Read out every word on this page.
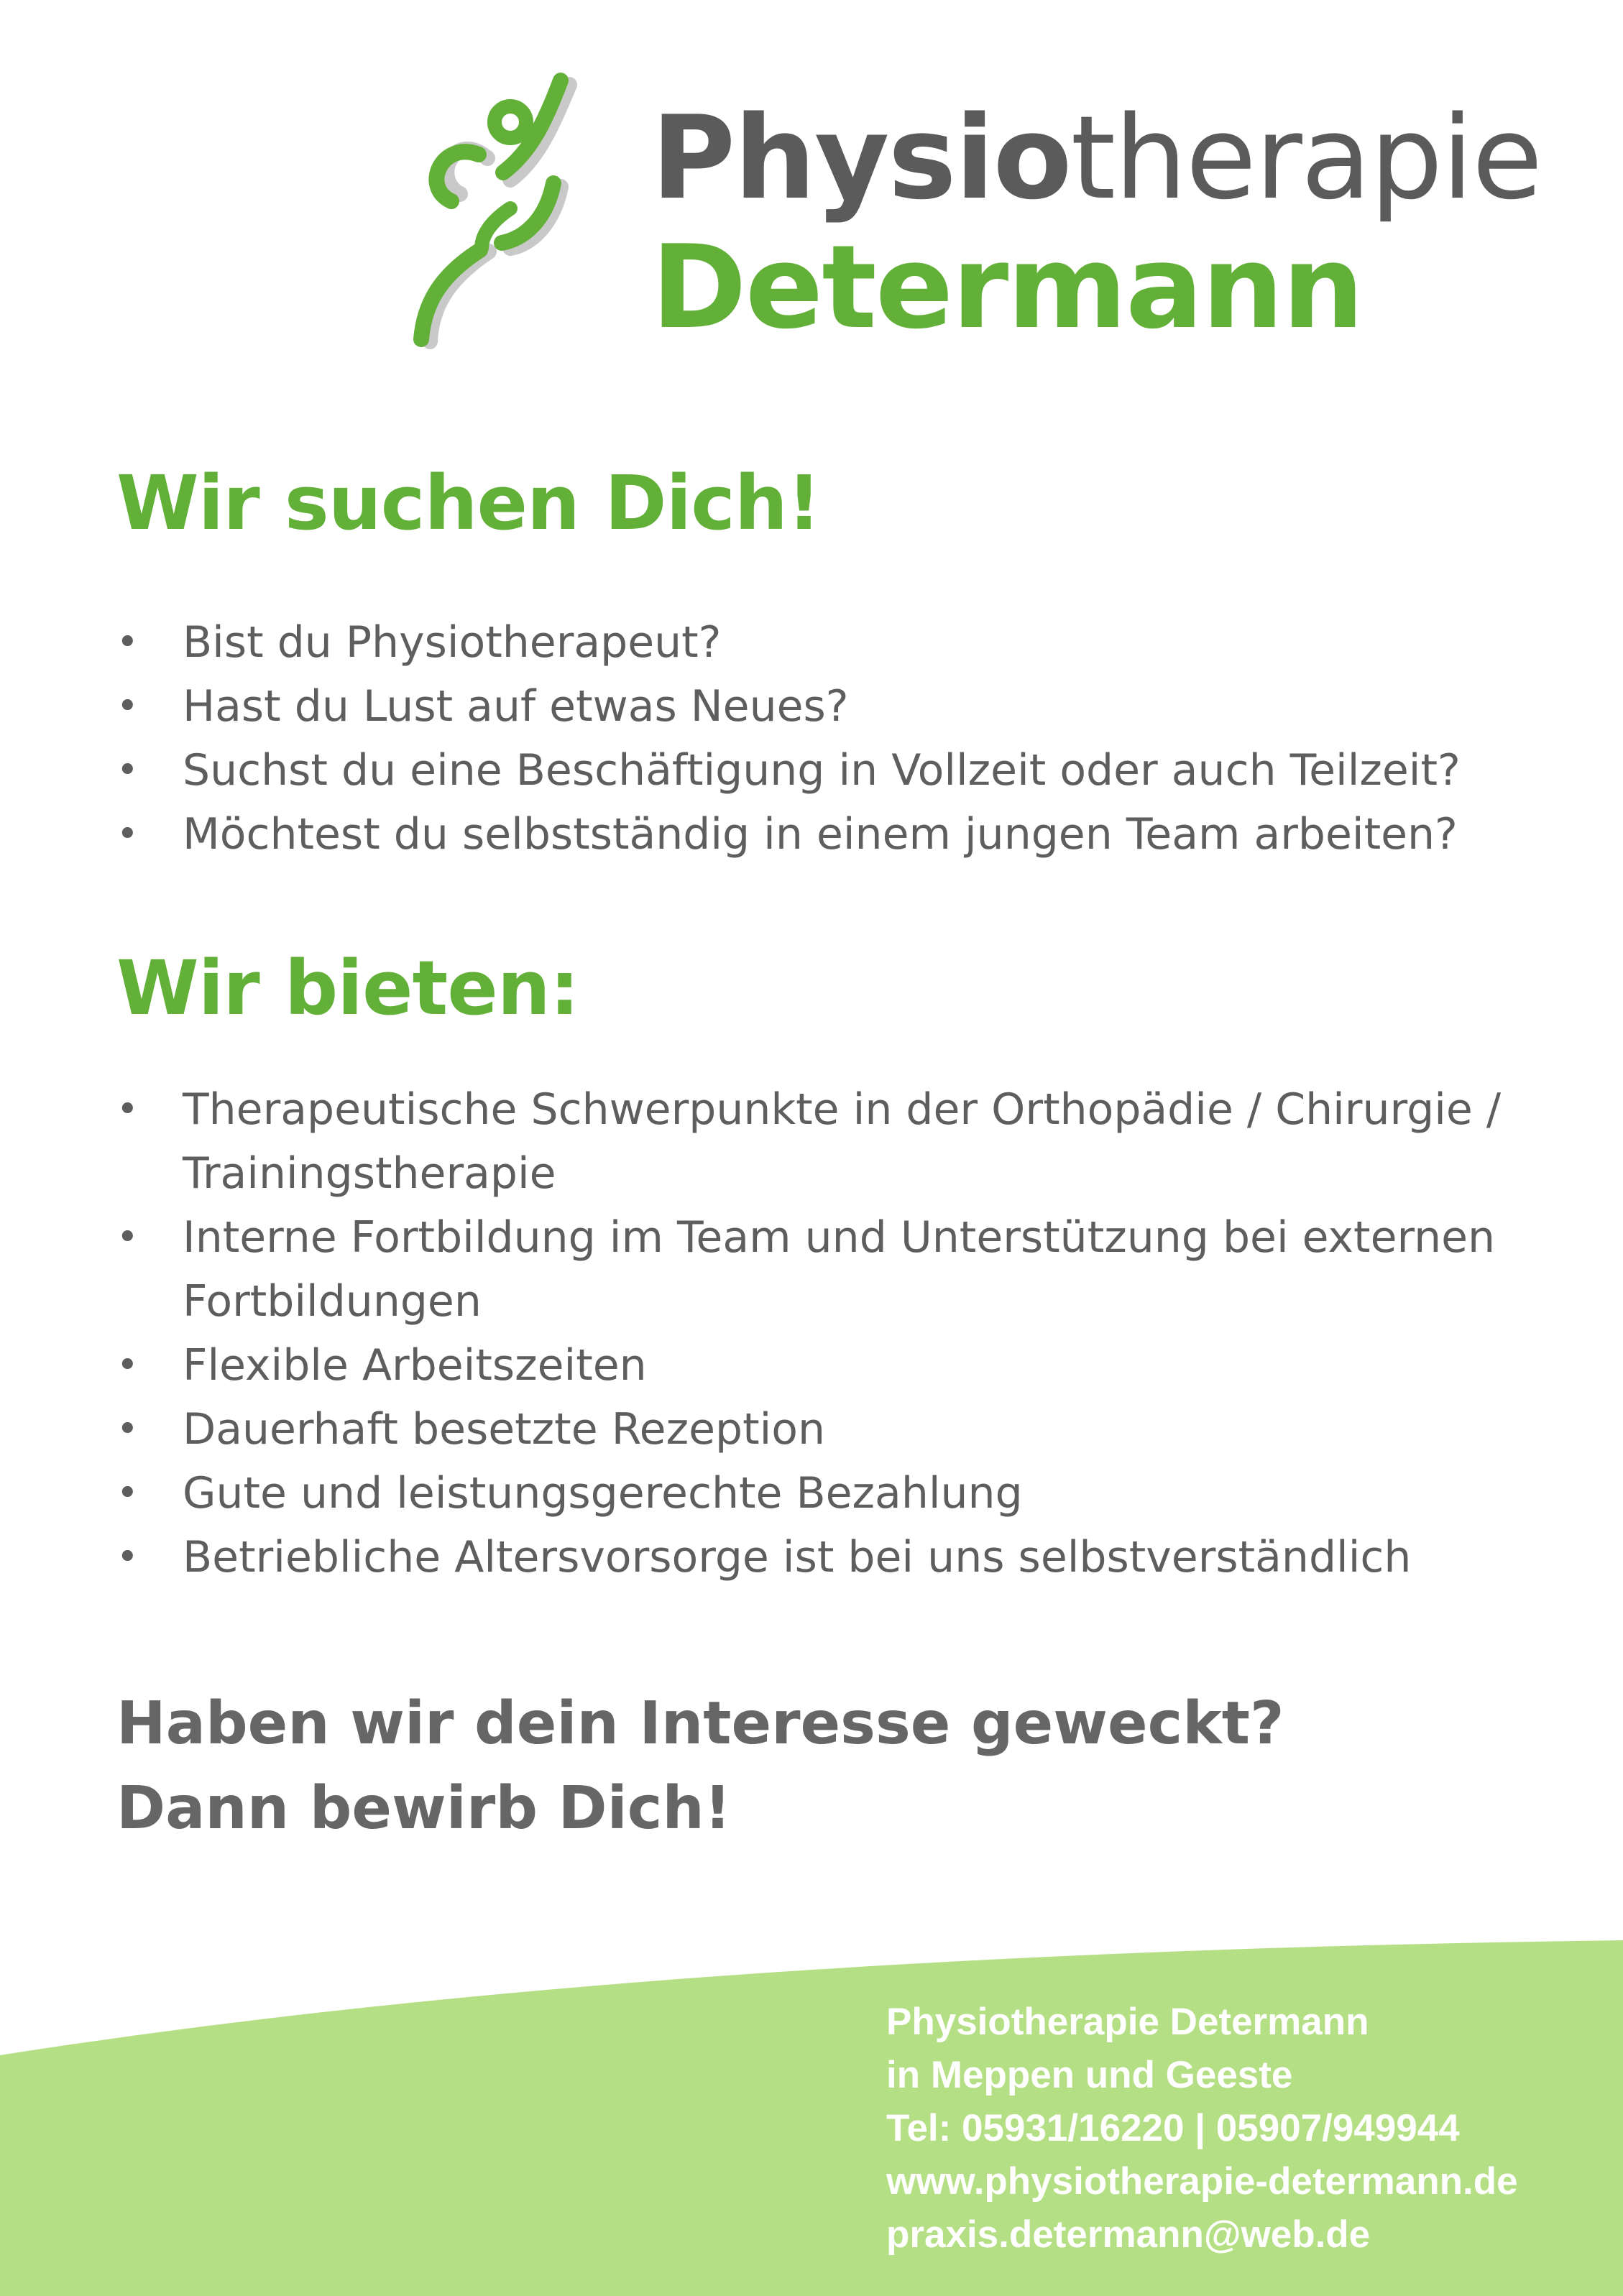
Physiotherapie
Determann
Wir suchen Dich!
• Bist du Physiotherapeut?
• Hast du Lust auf etwas Neues?
• Suchst du eine Beschäftigung in Vollzeit oder auch Teilzeit?
• Möchtest du selbstständig in einem jungen Team arbeiten?
Wir bieten:
• Therapeutische Schwerpunkte in der Orthopädie / Chirurgie /
Trainingstherapie
• Interne Fortbildung im Team und Unterstützung bei externen
Fortbildungen
• Flexible Arbeitszeiten
• Dauerhaft besetzte Rezeption
• Gute und leistungsgerechte Bezahlung
• Betriebliche Altersvorsorge ist bei uns selbstverständlich
Haben wir dein Interesse geweckt?
Dann bewirb Dich!
Physiotherapie Determann
in Meppen und Geeste
Tel: 05931/16220 | 05907/949944
www.physiotherapie-determann.de
praxis.determann@web.de
